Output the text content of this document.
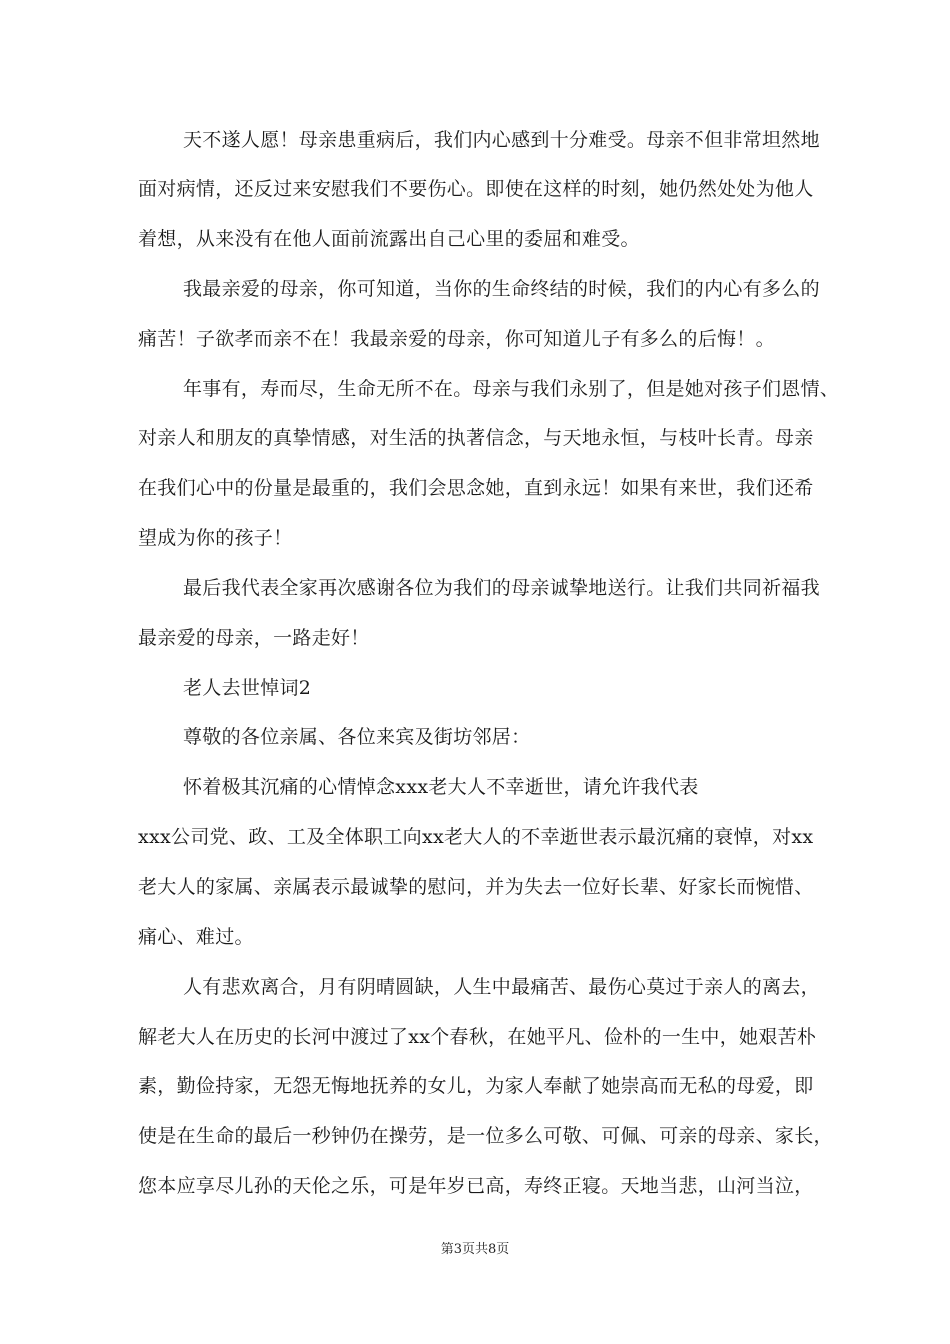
天不遂人愿！母亲患重病后，我们内心感到十分难受。母亲不但非常坦然地
面对病情，还反过来安慰我们不要伤心。即使在这样的时刻，她仍然处处为他人
着想，从来没有在他人面前流露出自己心里的委屈和难受。
我最亲爱的母亲，你可知道，当你的生命终结的时候，我们的内心有多么的
痛苦！子欲孝而亲不在！我最亲爱的母亲，你可知道儿子有多么的后悔！。
年事有，寿而尽，生命无所不在。母亲与我们永别了，但是她对孩子们恩情、
对亲人和朋友的真挚情感，对生活的执著信念，与天地永恒，与枝叶长青。母亲
在我们心中的份量是最重的，我们会思念她，直到永远！如果有来世，我们还希
望成为你的孩子！
最后我代表全家再次感谢各位为我们的母亲诚挚地送行。让我们共同祈福我
最亲爱的母亲，一路走好！
老人去世悼词2
尊敬的各位亲属、各位来宾及街坊邻居：
怀着极其沉痛的心情悼念xxx老大人不幸逝世，请允许我代表
xxx公司党、政、工及全体职工向xx老大人的不幸逝世表示最沉痛的衰悼，对xx
老大人的家属、亲属表示最诚挚的慰问，并为失去一位好长辈、好家长而惋惜、
痛心、难过。
人有悲欢离合，月有阴晴圆缺，人生中最痛苦、最伤心莫过于亲人的离去，
解老大人在历史的长河中渡过了xx个春秋，在她平凡、俭朴的一生中，她艰苦朴
素，勤俭持家，无怨无悔地抚养的女儿，为家人奉献了她崇高而无私的母爱，即
使是在生命的最后一秒钟仍在操劳，是一位多么可敬、可佩、可亲的母亲、家长，
您本应享尽儿孙的天伦之乐，可是年岁已高，寿终正寝。天地当悲，山河当泣，
第3页共8页
